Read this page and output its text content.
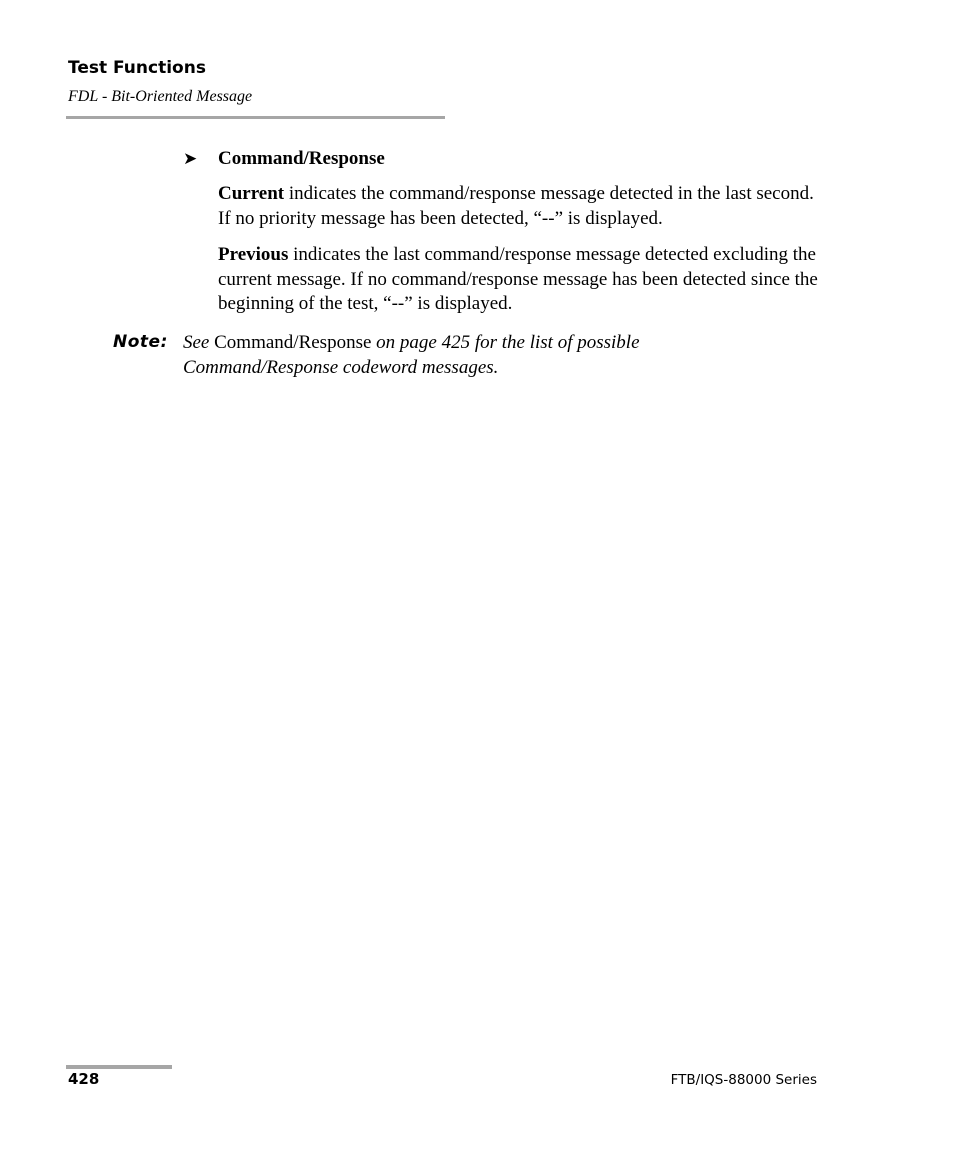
Test Functions
FDL - Bit-Oriented Message
➤ Command/Response

Current indicates the command/response message detected in the last second. If no priority message has been detected, “--” is displayed.

Previous indicates the last command/response message detected excluding the current message. If no command/response message has been detected since the beginning of the test, “--” is displayed.

Note: See Command/Response on page 425 for the list of possible Command/Response codeword messages.

428	FTB/IQS-88000 Series
